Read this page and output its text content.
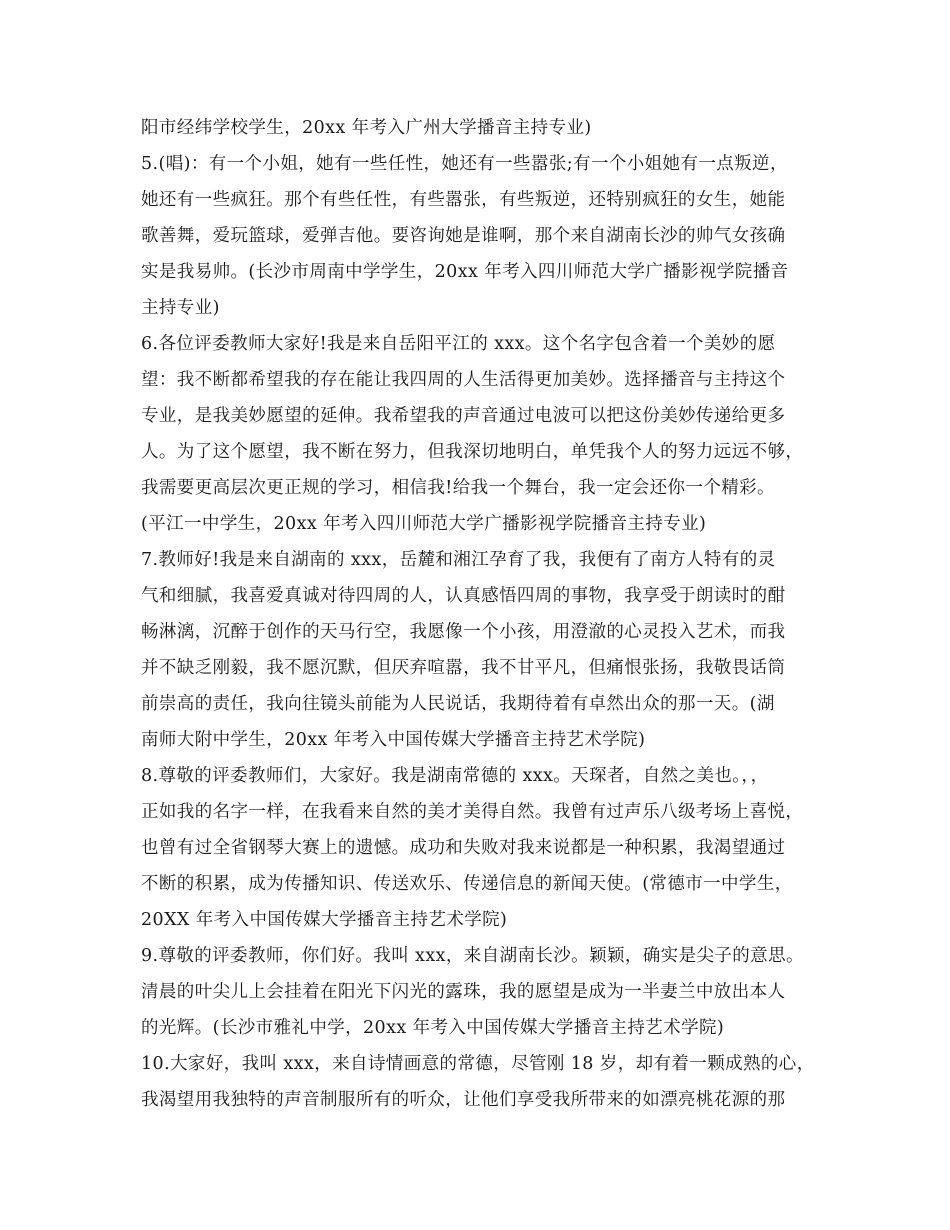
阳市经纬学校学生，20xx 年考入广州大学播音主持专业)
5.(唱)：有一个小姐，她有一些任性，她还有一些嚣张;有一个小姐她有一点叛逆，
她还有一些疯狂。那个有些任性，有些嚣张，有些叛逆，还特别疯狂的女生，她能
歌善舞，爱玩篮球，爱弹吉他。要咨询她是谁啊，那个来自湖南长沙的帅气女孩确
实是我易帅。(长沙市周南中学学生，20xx 年考入四川师范大学广播影视学院播音
主持专业)
6.各位评委教师大家好!我是来自岳阳平江的 xxx。这个名字包含着一个美妙的愿
望：我不断都希望我的存在能让我四周的人生活得更加美妙。选择播音与主持这个
专业，是我美妙愿望的延伸。我希望我的声音通过电波可以把这份美妙传递给更多
人。为了这个愿望，我不断在努力，但我深切地明白，单凭我个人的努力远远不够，
我需要更高层次更正规的学习，相信我!给我一个舞台，我一定会还你一个精彩。
(平江一中学生，20xx 年考入四川师范大学广播影视学院播音主持专业)
7.教师好!我是来自湖南的 xxx，岳麓和湘江孕育了我，我便有了南方人特有的灵
气和细腻，我喜爱真诚对待四周的人，认真感悟四周的事物，我享受于朗读时的酣
畅淋漓，沉醉于创作的天马行空，我愿像一个小孩，用澄澈的心灵投入艺术，而我
并不缺乏刚毅，我不愿沉默，但厌弃喧嚣，我不甘平凡，但痛恨张扬，我敬畏话筒
前崇高的责任，我向往镜头前能为人民说话，我期待着有卓然出众的那一天。(湖
南师大附中学生，20xx 年考入中国传媒大学播音主持艺术学院)
8.尊敬的评委教师们，大家好。我是湖南常德的 xxx。天琛者，自然之美也。，，
正如我的名字一样，在我看来自然的美才美得自然。我曾有过声乐八级考场上喜悦，
也曾有过全省钢琴大赛上的遗憾。成功和失败对我来说都是一种积累，我渴望通过
不断的积累，成为传播知识、传送欢乐、传递信息的新闻天使。(常德市一中学生，
20XX 年考入中国传媒大学播音主持艺术学院)
9.尊敬的评委教师，你们好。我叫 xxx，来自湖南长沙。颖颖，确实是尖子的意思。
清晨的叶尖儿上会挂着在阳光下闪光的露珠，我的愿望是成为一半妻兰中放出本人
的光辉。(长沙市雅礼中学，20xx 年考入中国传媒大学播音主持艺术学院)
10.大家好，我叫 xxx，来自诗情画意的常德，尽管刚 18 岁，却有着一颗成熟的心，
我渴望用我独特的声音制服所有的听众，让他们享受我所带来的如漂亮桃花源的那
